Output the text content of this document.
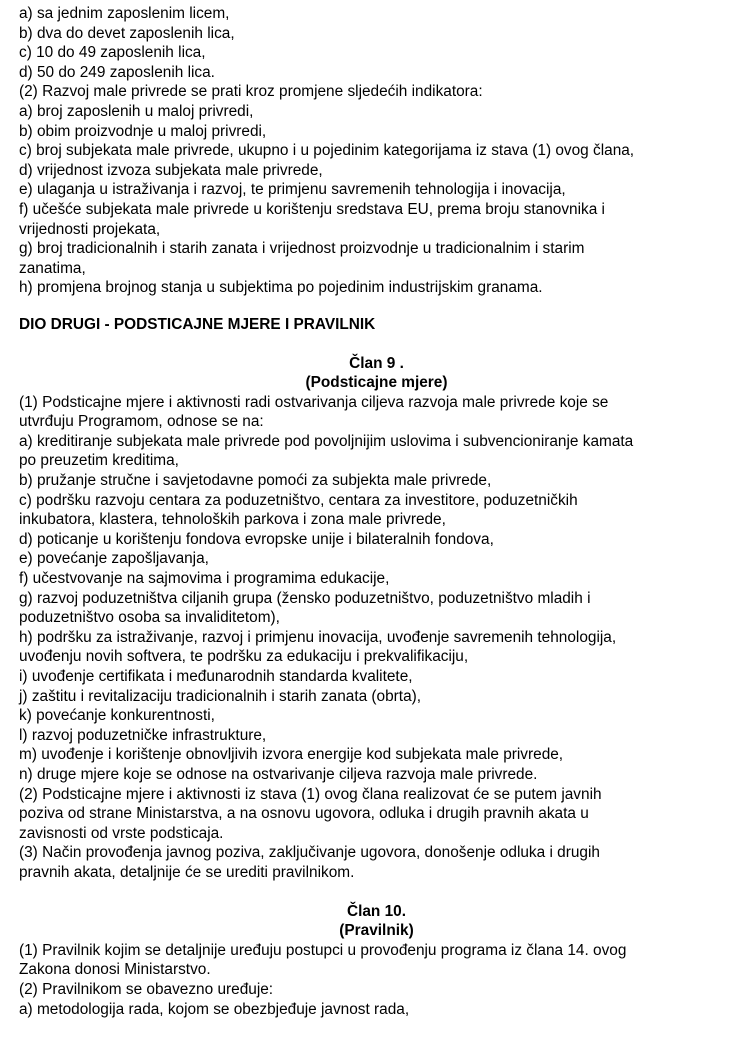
a) sa jednim zaposlenim licem,

b) dva do devet zaposlenih lica,

c) 10 do 49 zaposlenih lica,

d) 50 do 249 zaposlenih lica.

(2) Razvoj male privrede se prati kroz promjene sljedećih indikatora:

a) broj zaposlenih u maloj privredi,

b) obim proizvodnje u maloj privredi,

c) broj subjekata male privrede, ukupno i u pojedinim kategorijama iz stava (1) ovog člana,

d) vrijednost izvoza subjekata male privrede,

e) ulaganja u istraživanja i razvoj, te primjenu savremenih tehnologija i inovacija,

f) učešće subjekata male privrede u korištenju sredstava EU, prema broju stanovnika i

vrijednosti projekata,

g) broj tradicionalnih i starih zanata i vrijednost proizvodnje u tradicionalnim i starim

zanatima,

h) promjena brojnog stanja u subjektima po pojedinim industrijskim granama.

DIO DRUGI - PODSTICAJNE MJERE I PRAVILNIK

Član 9 .

(Podsticajne mjere)

(1) Podsticajne mjere i aktivnosti radi ostvarivanja ciljeva razvoja male privrede koje se

utvrđuju Programom, odnose se na:

a) kreditiranje subjekata male privrede pod povoljnijim uslovima i subvencioniranje kamata

po preuzetim kreditima,

b) pružanje stručne i savjetodavne pomoći za subjekta male privrede,

c) podršku razvoju centara za poduzetništvo, centara za investitore, poduzetničkih

inkubatora, klastera, tehnoloških parkova i zona male privrede,

d) poticanje u korištenju fondova evropske unije i bilateralnih fondova,

e) povećanje zapošljavanja,

f) učestvovanje na sajmovima i programima edukacije,

g) razvoj poduzetništva ciljanih grupa (žensko poduzetništvo, poduzetništvo mladih i

poduzetništvo osoba sa invaliditetom),

h) podršku za istraživanje, razvoj i primjenu inovacija, uvođenje savremenih tehnologija,

uvođenju novih softvera, te podršku za edukaciju i prekvalifikaciju,

i) uvođenje certifikata i međunarodnih standarda kvalitete,

j) zaštitu i revitalizaciju tradicionalnih i starih zanata (obrta),

k) povećanje konkurentnosti,

l) razvoj poduzetničke infrastrukture,

m) uvođenje i korištenje obnovljivih izvora energije kod subjekata male privrede,

n) druge mjere koje se odnose na ostvarivanje ciljeva razvoja male privrede.

(2) Podsticajne mjere i aktivnosti iz stava (1) ovog člana realizovat će se putem javnih

poziva od strane Ministarstva, a na osnovu ugovora, odluka i drugih pravnih akata u

zavisnosti od vrste podsticaja.

(3) Način provođenja javnog poziva, zaključivanje ugovora, donošenje odluka i drugih

pravnih akata, detaljnije će se urediti pravilnikom.

Član 10.

(Pravilnik)

(1) Pravilnik kojim se detaljnije uređuju postupci u provođenju programa iz člana 14. ovog

Zakona donosi Ministarstvo.

(2) Pravilnikom se obavezno uređuje:

a) metodologija rada, kojom se obezbjeđuje javnost rada,
